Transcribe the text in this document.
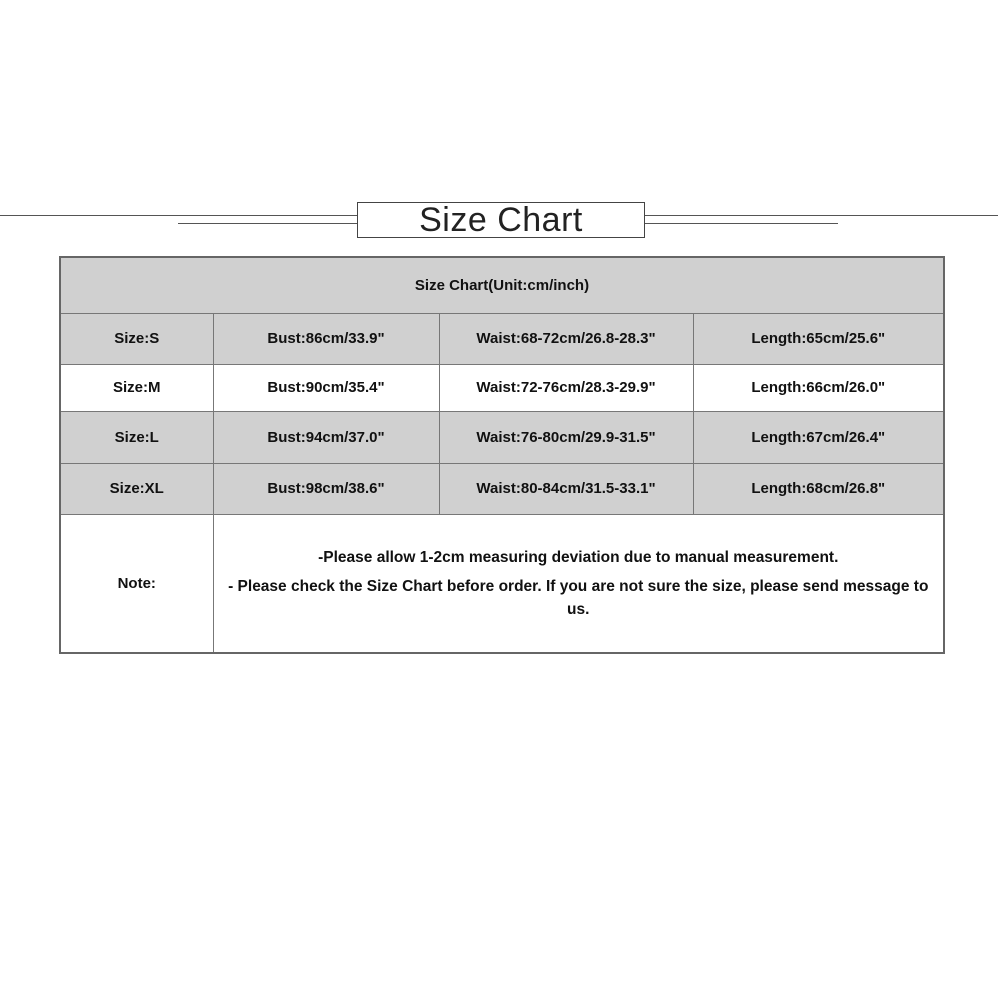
Size Chart
Size Chart(Unit:cm/inch)			
Size:S	Bust:86cm/33.9"	Waist:68-72cm/26.8-28.3"	Length:65cm/25.6"
Size:M	Bust:90cm/35.4"	Waist:72-76cm/28.3-29.9"	Length:66cm/26.0"
Size:L	Bust:94cm/37.0"	Waist:76-80cm/29.9-31.5"	Length:67cm/26.4"
Size:XL	Bust:98cm/38.6"	Waist:80-84cm/31.5-33.1"	Length:68cm/26.8"
Note:	-Please allow 1-2cm measuring deviation due to manual measurement.

- Please check the Size Chart before order. If you are not sure the size, please send message to us.		
